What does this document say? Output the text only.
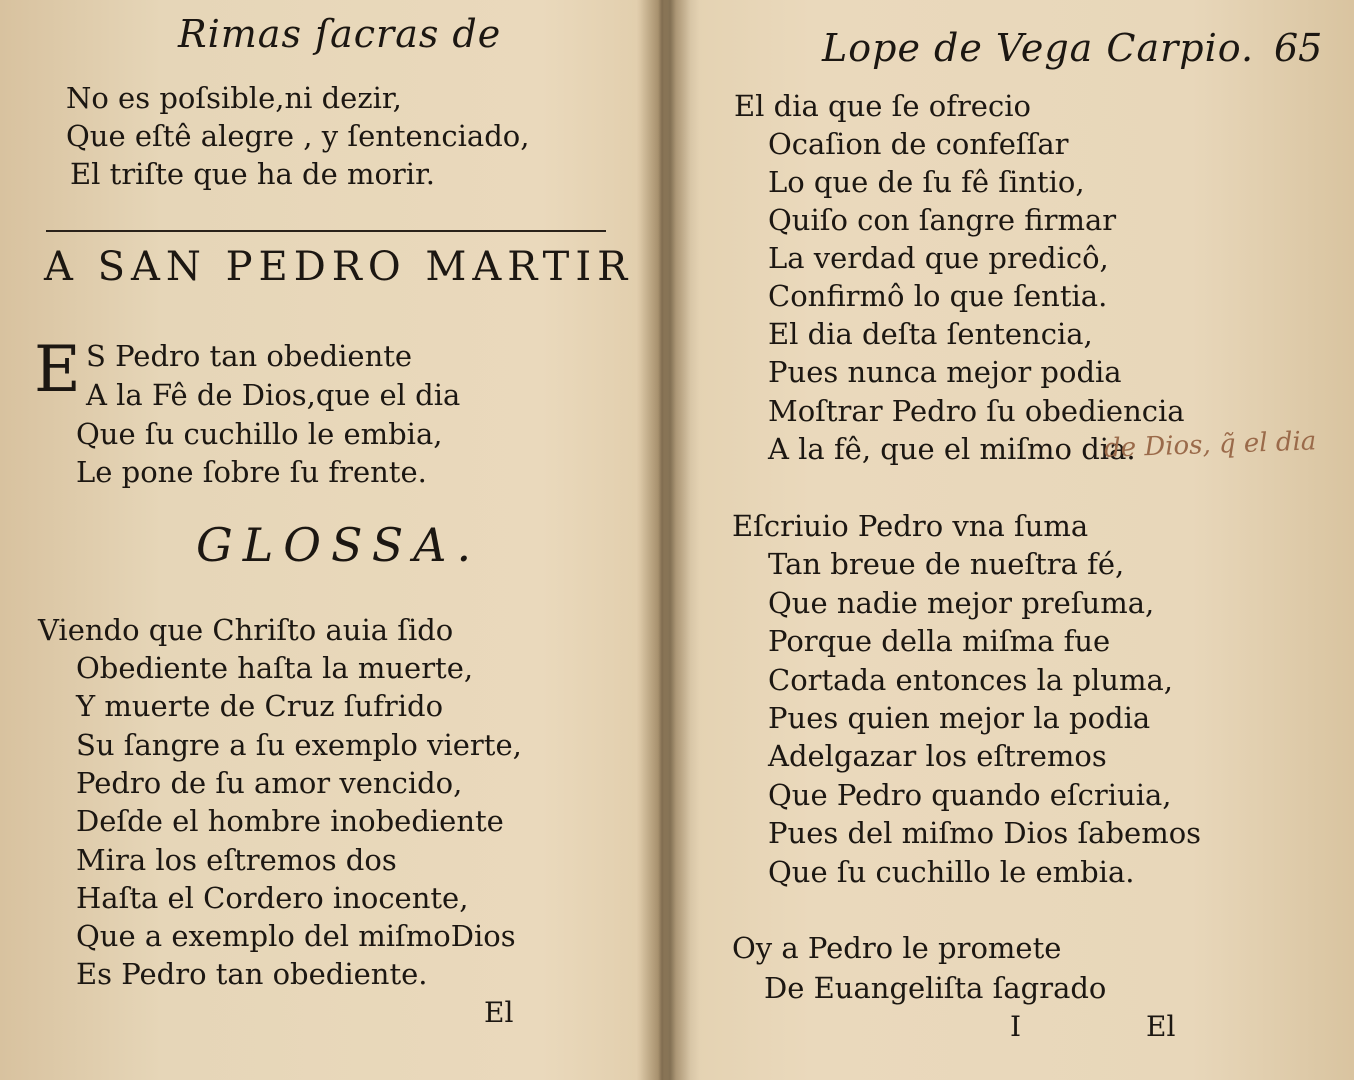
Rimas ſacras de
No es poſsible,ni dezir,
Que eſtê alegre , y ſentenciado,
El triſte que ha de morir.
A SAN PEDRO MARTIR
E S Pedro tan obediente
A la Fê de Dios,que el dia
Que ſu cuchillo le embia,
Le pone ſobre ſu frente.
GLOSSA.
Viendo que Chriſto auia ſido
Obediente haſta la muerte,
Y muerte de Cruz ſufrido
Su ſangre a ſu exemplo vierte,
Pedro de ſu amor vencido,
Deſde el hombre inobediente
Mira los eſtremos dos
Haſta el Cordero inocente,
Que a exemplo del miſmoDios
Es Pedro tan obediente.
El
Lope de Vega Carpio. 65
El dia que ſe ofrecio
Ocaſion de confeſſar
Lo que de ſu fê ſintio,
Quiſo con ſangre firmar
La verdad que predicô,
Confirmô lo que ſentia.
El dia deſta ſentencia,
Pues nunca mejor podia
Moſtrar Pedro ſu obediencia
A la fê, que el miſmo dia.
de Dios, q̃ el dia
Eſcriuio Pedro vna ſuma
Tan breue de nueſtra fé,
Que nadie mejor preſuma,
Porque della miſma fue
Cortada entonces la pluma,
Pues quien mejor la podia
Adelgazar los eſtremos
Que Pedro quando eſcriuia,
Pues del miſmo Dios ſabemos
Que ſu cuchillo le embia.
Oy a Pedro le promete
De Euangeliſta ſagrado
I	El
